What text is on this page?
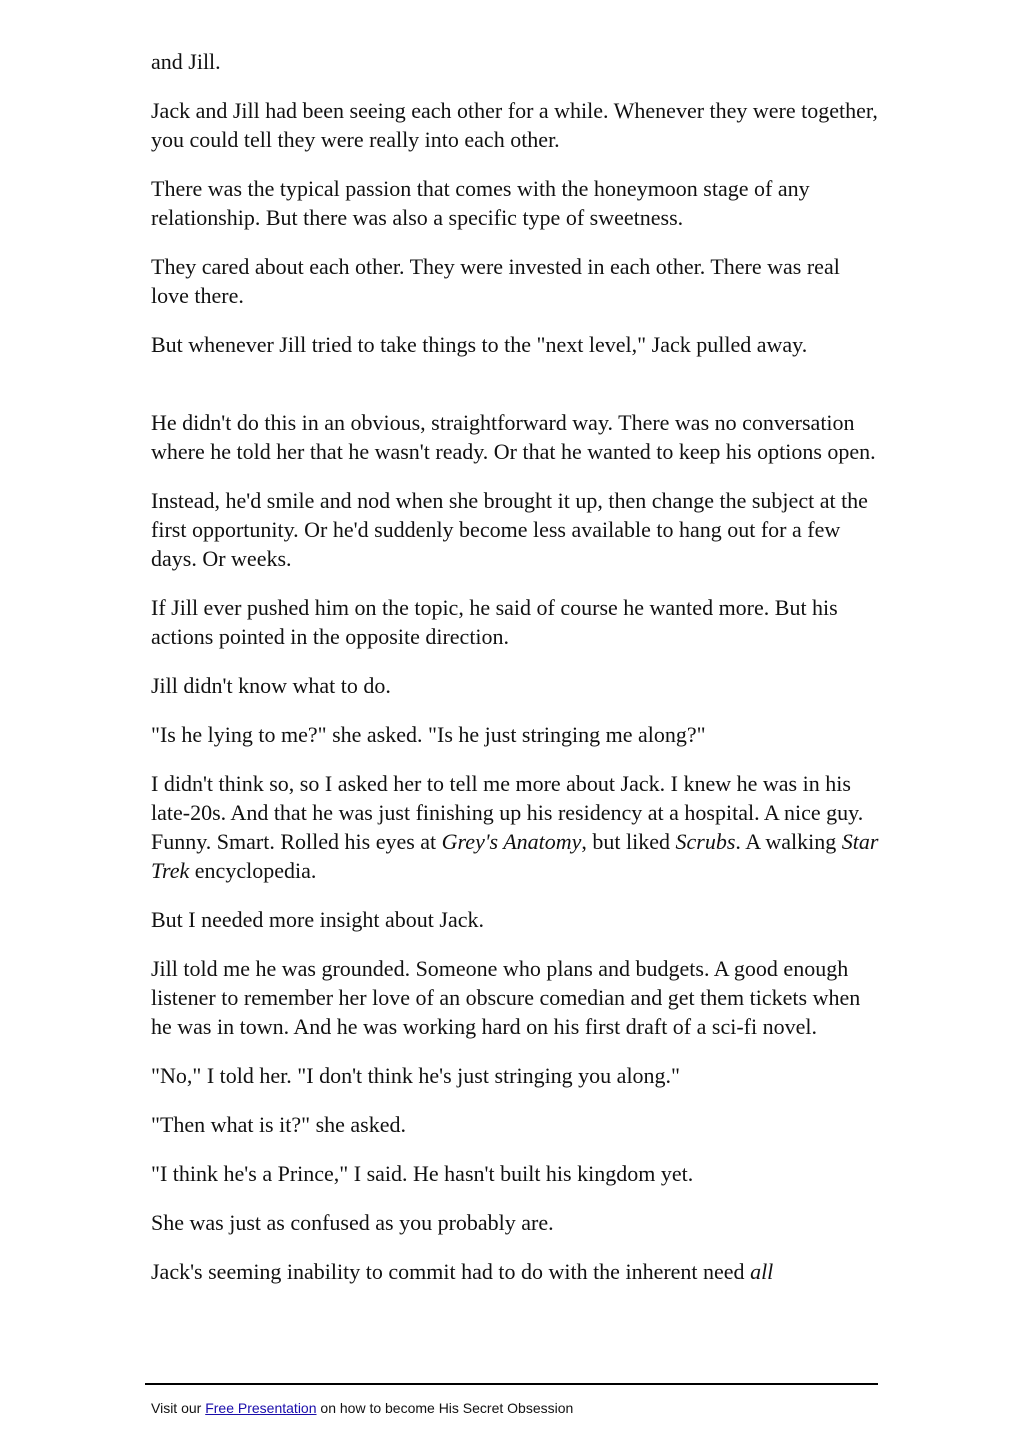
and Jill.

Jack and Jill had been seeing each other for a while. Whenever they were together, you could tell they were really into each other.

There was the typical passion that comes with the honeymoon stage of any relationship. But there was also a specific type of sweetness.

They cared about each other. They were invested in each other. There was real love there.

But whenever Jill tried to take things to the "next level," Jack pulled away.

He didn't do this in an obvious, straightforward way. There was no conversation where he told her that he wasn't ready. Or that he wanted to keep his options open.

Instead, he'd smile and nod when she brought it up, then change the subject at the first opportunity. Or he'd suddenly become less available to hang out for a few days. Or weeks.

If Jill ever pushed him on the topic, he said of course he wanted more. But his actions pointed in the opposite direction.

Jill didn't know what to do.

"Is he lying to me?" she asked. "Is he just stringing me along?"

I didn't think so, so I asked her to tell me more about Jack. I knew he was in his late-20s. And that he was just finishing up his residency at a hospital. A nice guy. Funny. Smart. Rolled his eyes at Grey's Anatomy, but liked Scrubs. A walking Star Trek encyclopedia.

But I needed more insight about Jack.

Jill told me he was grounded. Someone who plans and budgets. A good enough listener to remember her love of an obscure comedian and get them tickets when he was in town. And he was working hard on his first draft of a sci-fi novel.

"No," I told her. "I don't think he's just stringing you along."

"Then what is it?" she asked.

"I think he's a Prince," I said. He hasn't built his kingdom yet.

She was just as confused as you probably are.

Jack's seeming inability to commit had to do with the inherent need all

Visit our Free Presentation on how to become His Secret Obsession
